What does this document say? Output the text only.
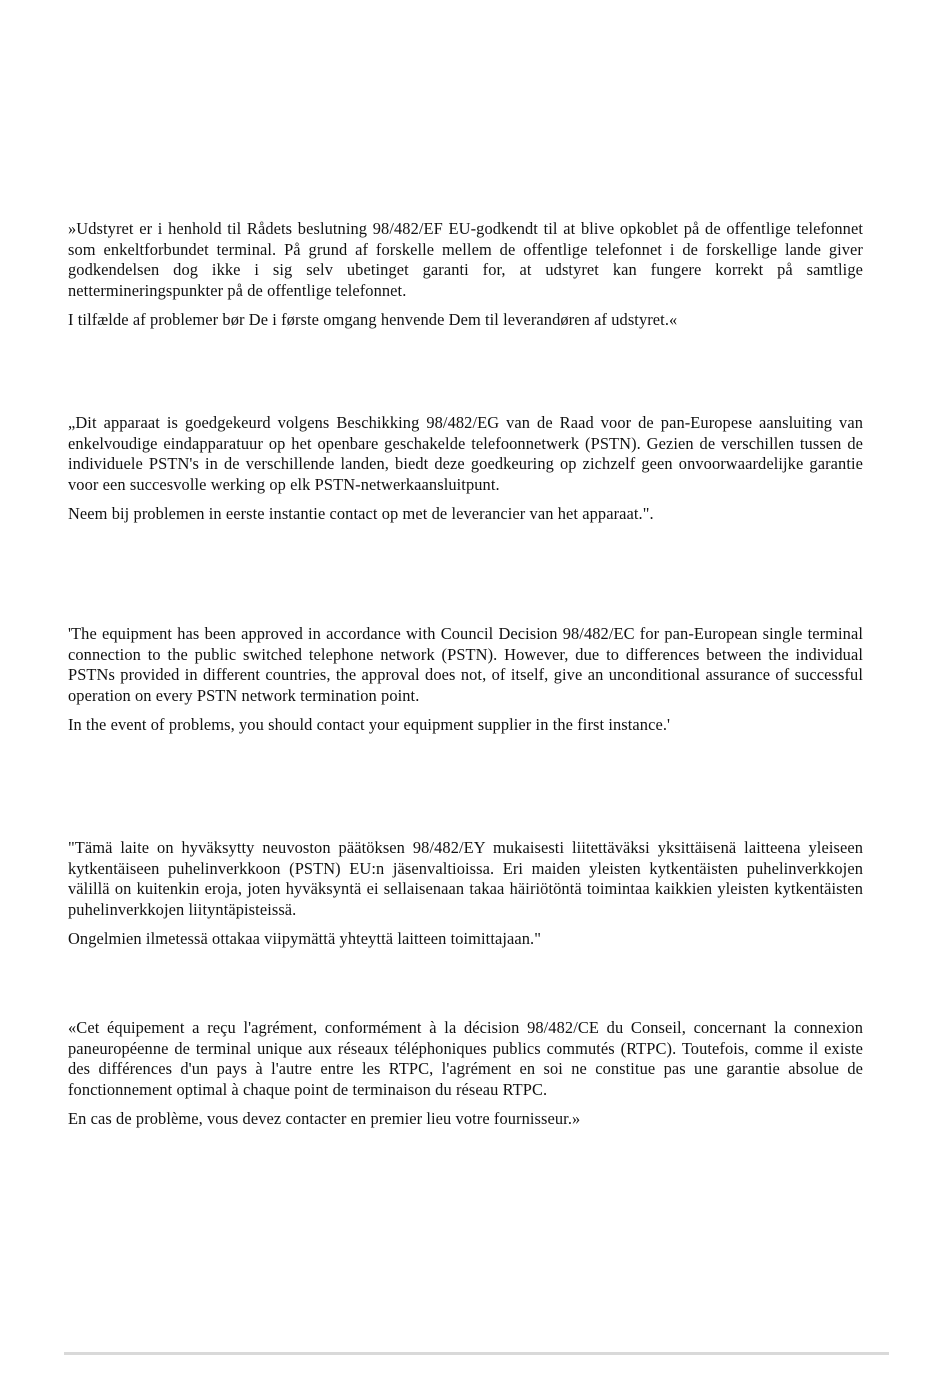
»Udstyret er i henhold til Rådets beslutning 98/482/EF EU-godkendt til at blive opkoblet på de offentlige telefonnet som enkeltforbundet terminal. På grund af forskelle mellem de offentlige telefonnet i de forskellige lande giver godkendelsen dog ikke i sig selv ubetinget garanti for, at udstyret kan fungere korrekt på samtlige nettermineringspunkter på de offentlige telefonnet.

I tilfælde af problemer bør De i første omgang henvende Dem til leverandøren af udstyret.«

„Dit apparaat is goedgekeurd volgens Beschikking 98/482/EG van de Raad voor de pan-Europese aansluiting van enkelvoudige eindapparatuur op het openbare geschakelde telefoonnetwerk (PSTN). Gezien de verschillen tussen de individuele PSTN's in de verschillende landen, biedt deze goedkeuring op zichzelf geen onvoorwaardelijke garantie voor een succesvolle werking op elk PSTN-netwerkaansluitpunt.

Neem bij problemen in eerste instantie contact op met de leverancier van het apparaat.".

'The equipment has been approved in accordance with Council Decision 98/482/EC for pan-European single terminal connection to the public switched telephone network (PSTN). However, due to differences between the individual PSTNs provided in different countries, the approval does not, of itself, give an unconditional assurance of successful operation on every PSTN network termination point.

In the event of problems, you should contact your equipment supplier in the first instance.'

"Tämä laite on hyväksytty neuvoston päätöksen 98/482/EY mukaisesti liitettäväksi yksittäisenä laitteena yleiseen kytkentäiseen puhelinverkkoon (PSTN) EU:n jäsenvaltioissa. Eri maiden yleisten kytkentäisten puhelinverkkojen välillä on kuitenkin eroja, joten hyväksyntä ei sellaisenaan takaa häiriötöntä toimintaa kaikkien yleisten kytkentäisten puhelinverkkojen liityntäpisteissä.

Ongelmien ilmetessä ottakaa viipymättä yhteyttä laitteen toimittajaan."

«Cet équipement a reçu l'agrément, conformément à la décision 98/482/CE du Conseil, concernant la connexion paneuropéenne de terminal unique aux réseaux téléphoniques publics commutés (RTPC). Toutefois, comme il existe des différences d'un pays à l'autre entre les RTPC, l'agrément en soi ne constitue pas une garantie absolue de fonctionnement optimal à chaque point de terminaison du réseau RTPC.

En cas de problème, vous devez contacter en premier lieu votre fournisseur.»
